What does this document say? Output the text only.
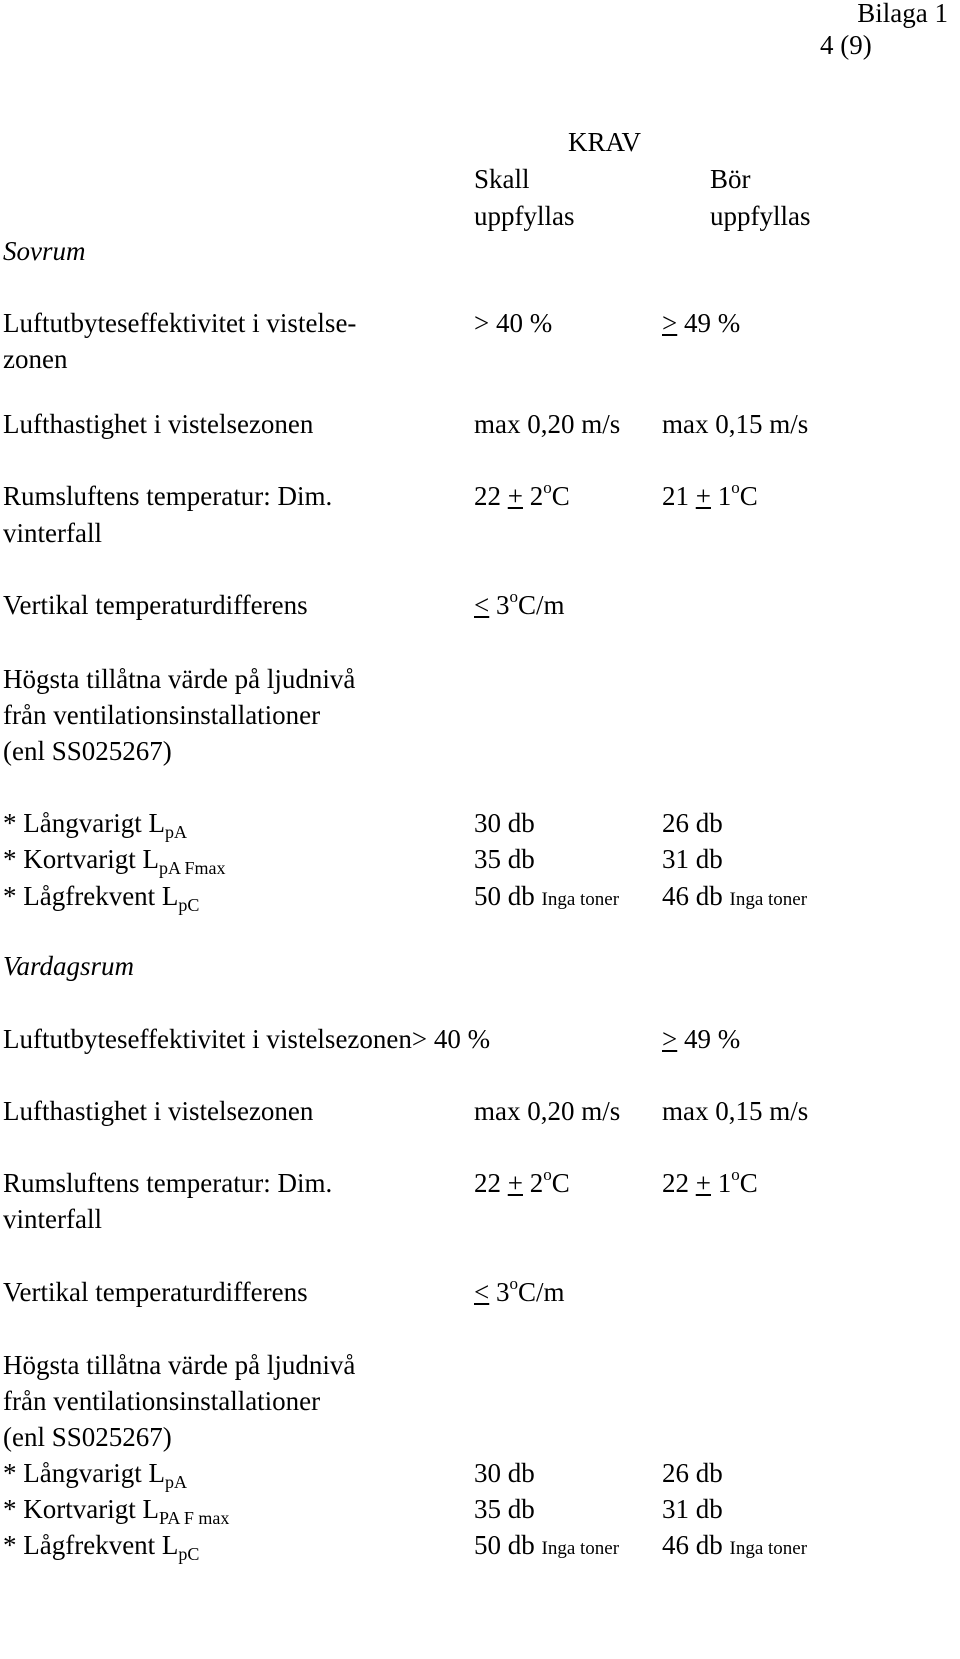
Bilaga 1
4 (9)
KRAV
Skall
uppfyllas
Bör
uppfyllas
Sovrum
Luftutbyteseffektivitet i vistelse-
zonen
> 40 %	> 49 %
Lufthastighet i vistelsezonen	max 0,20 m/s max 0,15 m/s
Rumsluftens temperatur: Dim.
vinterfall
$22 + 2^oC$	$21 + 1^oC$
Vertikal temperaturdifferens	< $3^oC/m$
Högsta tillåtna värde på ljudnivå
från ventilationsinstallationer
(enl SS025267)
* Långvarigt $L_{pA}$	30 db	26 db
* Kortvarigt $L_{pA Fmax}$	35 db	31 db
* Lågfrekvent $L_{pC}$	50 db Inga toner 46 db Inga toner
Vardagsrum
Luftutbyteseffektivitet i vistelsezonen> 40 %	> 49 %
Lufthastighet i vistelsezonen	max 0,20 m/s max 0,15 m/s
Rumsluftens temperatur: Dim.
vinterfall
$22 + 2^oC$	$22 + 1^oC$
Vertikal temperaturdifferens	< $3^oC/m$
Högsta tillåtna värde på ljudnivå
från ventilationsinstallationer
(enl SS025267)
* Långvarigt $L_{pA}$	30 db	26 db
* Kortvarigt $L_{PA F max}$	35 db	31 db
* Lågfrekvent $L_{pC}$	50 db Inga toner 46 db Inga toner
